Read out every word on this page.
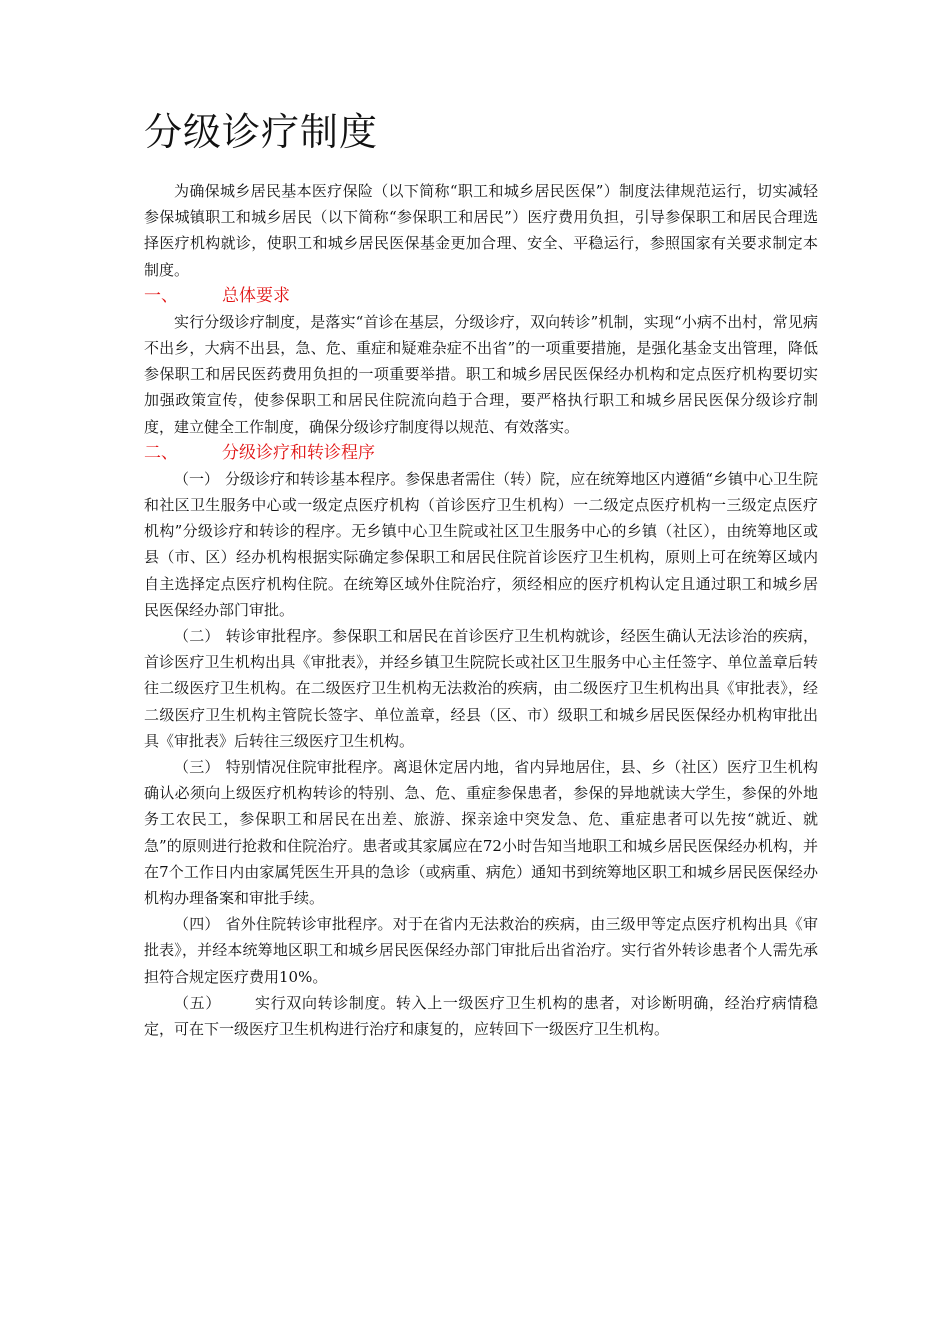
分级诊疗制度

为确保城乡居民基本医疗保险（以下简称“职工和城乡居民医保”）制度法律规范运行，切实减轻参保城镇职工和城乡居民（以下简称“参保职工和居民”）医疗费用负担，引导参保职工和居民合理选择医疗机构就诊，使职工和城乡居民医保基金更加合理、安全、平稳运行，参照国家有关要求制定本制度。

一、	总体要求

实行分级诊疗制度，是落实“首诊在基层，分级诊疗，双向转诊”机制，实现“小病不出村，常见病不出乡，大病不出县，急、危、重症和疑难杂症不出省”的一项重要措施，是强化基金支出管理，降低参保职工和居民医药费用负担的一项重要举措。职工和城乡居民医保经办机构和定点医疗机构要切实加强政策宣传，使参保职工和居民住院流向趋于合理，要严格执行职工和城乡居民医保分级诊疗制度，建立健全工作制度，确保分级诊疗制度得以规范、有效落实。

二、	分级诊疗和转诊程序

（一） 分级诊疗和转诊基本程序。参保患者需住（转）院，应在统筹地区内遵循“乡镇中心卫生院和社区卫生服务中心或一级定点医疗机构（首诊医疗卫生机构）一二级定点医疗机构一三级定点医疗机构”分级诊疗和转诊的程序。无乡镇中心卫生院或社区卫生服务中心的乡镇（社区），由统筹地区或县（市、区）经办机构根据实际确定参保职工和居民住院首诊医疗卫生机构，原则上可在统筹区域内自主选择定点医疗机构住院。在统筹区域外住院治疗，须经相应的医疗机构认定且通过职工和城乡居民医保经办部门审批。

（二） 转诊审批程序。参保职工和居民在首诊医疗卫生机构就诊，经医生确认无法诊治的疾病，首诊医疗卫生机构出具《审批表》，并经乡镇卫生院院长或社区卫生服务中心主任签字、单位盖章后转往二级医疗卫生机构。在二级医疗卫生机构无法救治的疾病，由二级医疗卫生机构出具《审批表》，经二级医疗卫生机构主管院长签字、单位盖章，经县（区、市）级职工和城乡居民医保经办机构审批出具《审批表》后转往三级医疗卫生机构。

（三） 特别情况住院审批程序。离退休定居内地，省内异地居住，县、乡（社区）医疗卫生机构确认必须向上级医疗机构转诊的特别、急、危、重症参保患者，参保的异地就读大学生，参保的外地务工农民工，参保职工和居民在出差、旅游、探亲途中突发急、危、重症患者可以先按“就近、就急”的原则进行抢救和住院治疗。患者或其家属应在72小时告知当地职工和城乡居民医保经办机构，并在7个工作日内由家属凭医生开具的急诊（或病重、病危）通知书到统筹地区职工和城乡居民医保经办机构办理备案和审批手续。

（四） 省外住院转诊审批程序。对于在省内无法救治的疾病，由三级甲等定点医疗机构出具《审批表》，并经本统筹地区职工和城乡居民医保经办部门审批后出省治疗。实行省外转诊患者个人需先承担符合规定医疗费用10%。

（五） 实行双向转诊制度。转入上一级医疗卫生机构的患者，对诊断明确，经治疗病情稳定，可在下一级医疗卫生机构进行治疗和康复的，应转回下一级医疗卫生机构。
